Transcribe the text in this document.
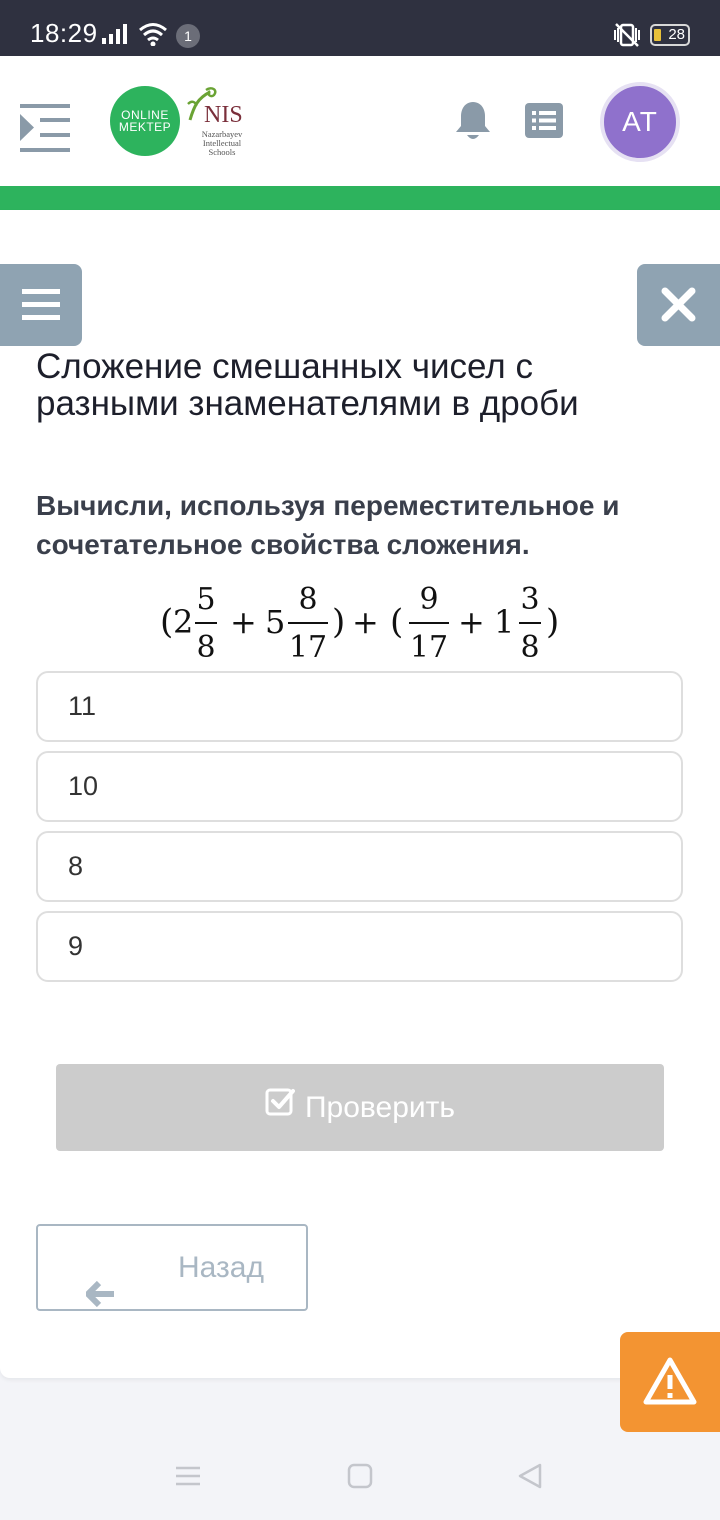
18:29	1	28
ONLINE
MEKTEP	NIS
Nazarbayev
Intellectual
Schools
AT
Сложение смешанных чисел с разными знаменателями в дроби
Вычисли, используя переместительное и сочетательное свойства сложения.
( 2
5
8
+ 5
8
17
) + (
9
17
+ 1
3
8
)
11
10
8
9
Проверить
Назад
